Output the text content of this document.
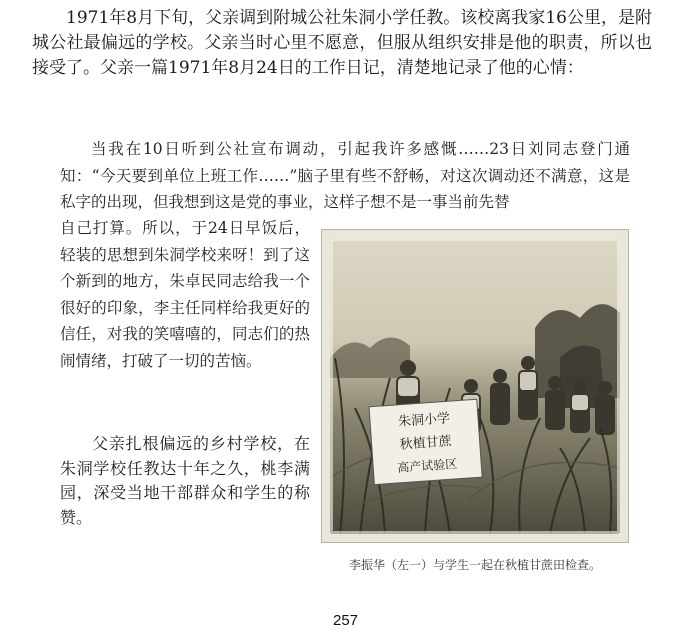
1971年8月下旬，父亲调到附城公社朱洞小学任教。该校离我家16公里，是附城公社最偏远的学校。父亲当时心里不愿意，但服从组织安排是他的职责，所以也接受了。父亲一篇1971年8月24日的工作日记，清楚地记录了他的心情：

当我在10日听到公社宣布调动，引起我许多感慨……23日刘同志登门通知：“今天要到单位上班工作……”脑子里有些不舒畅，对这次调动还不满意，这是私字的出现，但我想到这是党的事业，这样子想不是一事当前先替

自己打算。所以，于24日早饭后，轻装的思想到朱洞学校来呀！到了这个新到的地方，朱卓民同志给我一个很好的印象，李主任同样给我更好的信任，对我的笑嘻嘻的，同志们的热闹情绪，打破了一切的苦恼。

父亲扎根偏远的乡村学校，在朱洞学校任教达十年之久，桃李满园，深受当地干部群众和学生的称赞。

朱洞小学
秋植甘蔗
高产试验区

李振华（左一）与学生一起在秋植甘蔗田检查。

257
